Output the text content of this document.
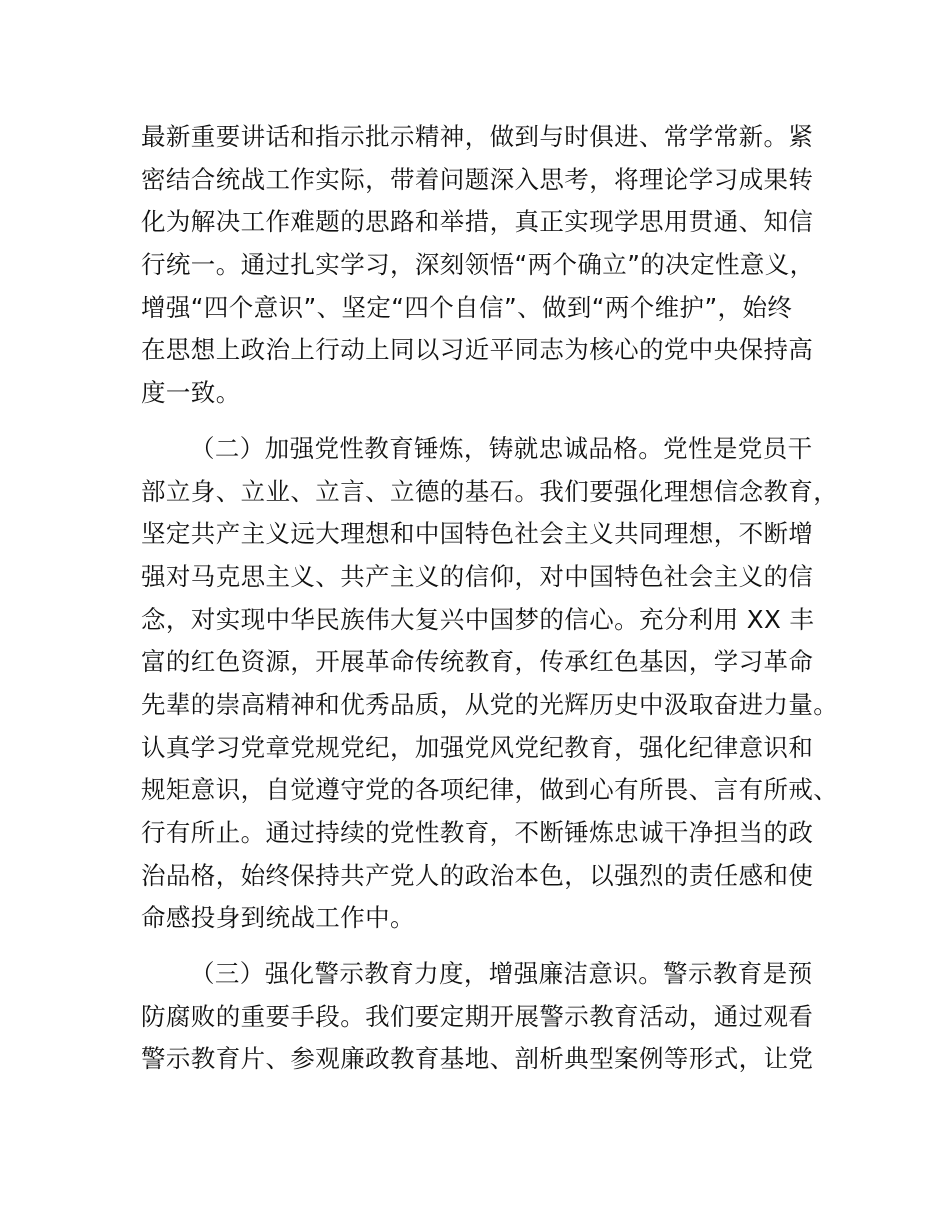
最新重要讲话和指示批示精神，做到与时俱进、常学常新。紧
密结合统战工作实际，带着问题深入思考，将理论学习成果转
化为解决工作难题的思路和举措，真正实现学思用贯通、知信
行统一。通过扎实学习，深刻领悟“两个确立”的决定性意义，
增强“四个意识”、坚定“四个自信”、做到“两个维护”，始终
在思想上政治上行动上同以习近平同志为核心的党中央保持高
度一致。
（二）加强党性教育锤炼，铸就忠诚品格。党性是党员干
部立身、立业、立言、立德的基石。我们要强化理想信念教育，
坚定共产主义远大理想和中国特色社会主义共同理想，不断增
强对马克思主义、共产主义的信仰，对中国特色社会主义的信
念，对实现中华民族伟大复兴中国梦的信心。充分利用 XX 丰
富的红色资源，开展革命传统教育，传承红色基因，学习革命
先辈的崇高精神和优秀品质，从党的光辉历史中汲取奋进力量。
认真学习党章党规党纪，加强党风党纪教育，强化纪律意识和
规矩意识，自觉遵守党的各项纪律，做到心有所畏、言有所戒、
行有所止。通过持续的党性教育，不断锤炼忠诚干净担当的政
治品格，始终保持共产党人的政治本色，以强烈的责任感和使
命感投身到统战工作中。
（三）强化警示教育力度，增强廉洁意识。警示教育是预
防腐败的重要手段。我们要定期开展警示教育活动，通过观看
警示教育片、参观廉政教育基地、剖析典型案例等形式，让党
